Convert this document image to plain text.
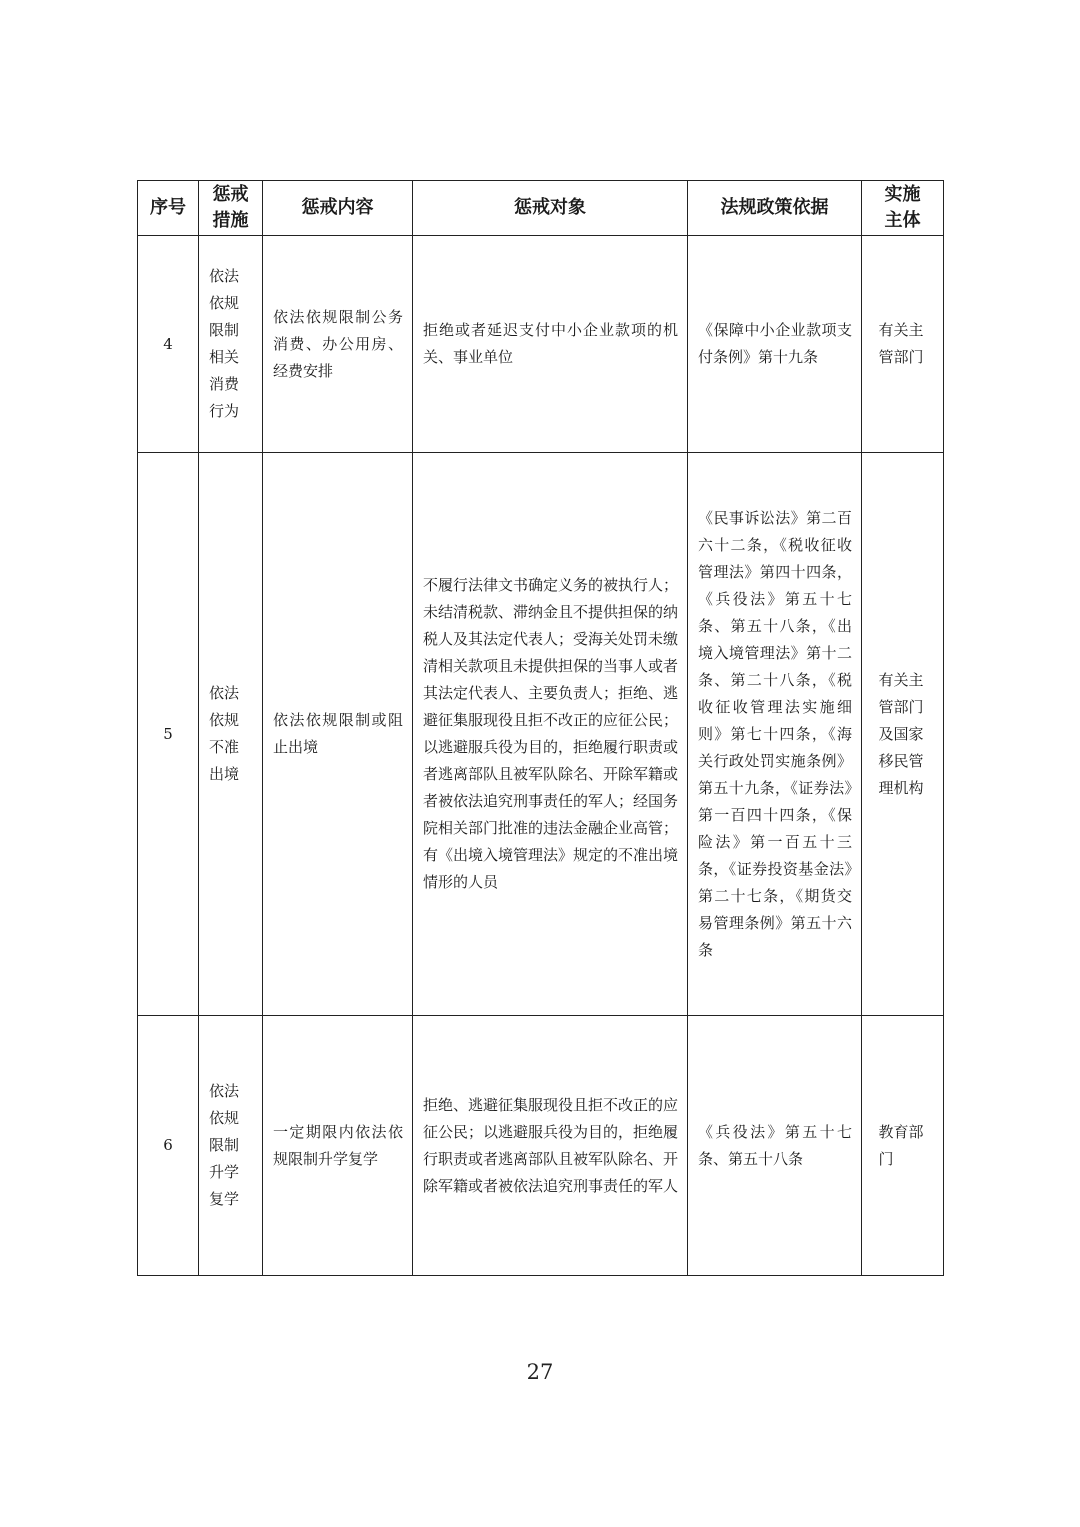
序号	惩戒措施	惩戒内容	惩戒对象	法规政策依据	实施主体

4	依法依规限制相关消费行为	依法依规限制公务消费、办公用房、经费安排	拒绝或者延迟支付中小企业款项的机关、事业单位	《保障中小企业款项支付条例》第十九条	有关主管部门
5	依法依规不准出境	依法依规限制或阻止出境	不履行法律文书确定义务的被执行人；未结清税款、滞纳金且不提供担保的纳税人及其法定代表人；受海关处罚未缴清相关款项且未提供担保的当事人或者其法定代表人、主要负责人；拒绝、逃避征集服现役且拒不改正的应征公民；以逃避服兵役为目的，拒绝履行职责或者逃离部队且被军队除名、开除军籍或者被依法追究刑事责任的军人；经国务院相关部门批准的违法金融企业高管；有《出境入境管理法》规定的不准出境情形的人员	《民事诉讼法》第二百六十二条，《税收征收管理法》第四十四条，《兵役法》第五十七条、第五十八条，《出境入境管理法》第十二条、第二十八条，《税收征收管理法实施细则》第七十四条，《海关行政处罚实施条例》第五十九条，《证券法》第一百四十四条，《保险法》第一百五十三条，《证券投资基金法》第二十七条，《期货交易管理条例》第五十六条	有关主管部门及国家移民管理机构
6	依法依规限制升学复学	一定期限内依法依规限制升学复学	拒绝、逃避征集服现役且拒不改正的应征公民；以逃避服兵役为目的，拒绝履行职责或者逃离部队且被军队除名、开除军籍或者被依法追究刑事责任的军人	《兵役法》第五十七条、第五十八条	教育部门
27
